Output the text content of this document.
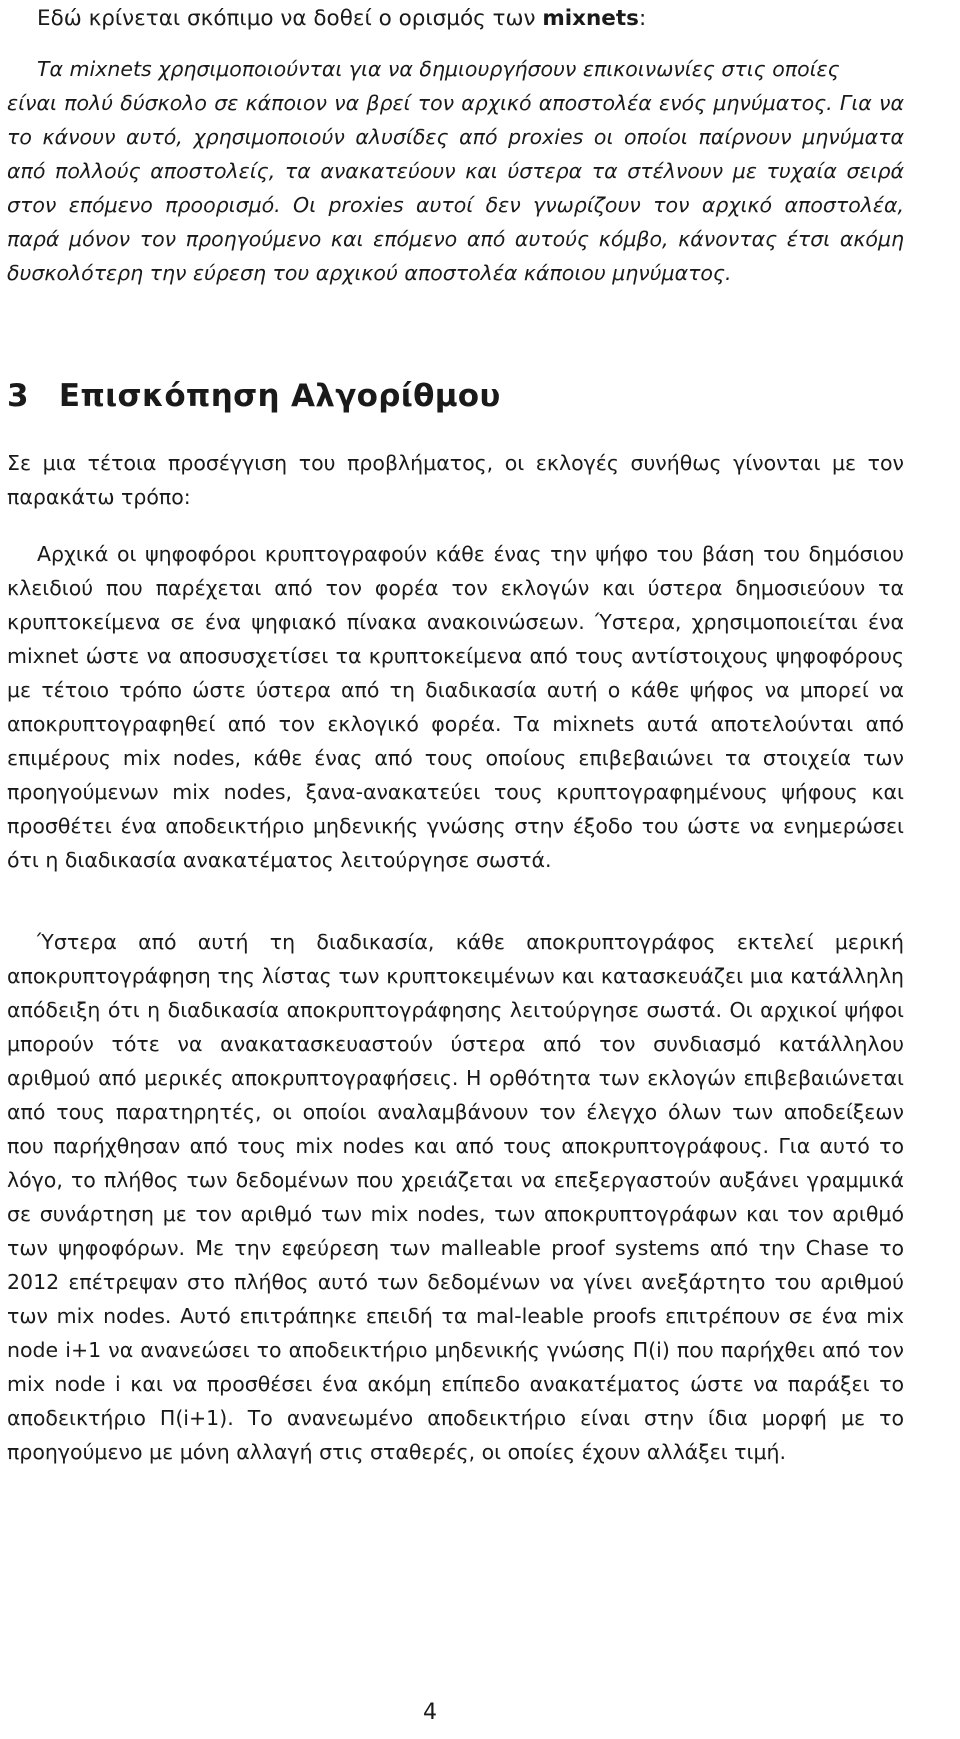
Εδώ κρίνεται σκόπιμο να δοθεί ο ορισμός των mixnets:

Τα mixnets χρησιμοποιούνται για να δημιουργήσουν επικοινωνίες στις οποίες
είναι πολύ δύσκολο σε κάποιον να βρεί τον αρχικό αποστολέα ενός μηνύματος. Για να το κάνουν αυτό, χρησιμοποιούν αλυσίδες από proxies οι οποίοι παίρνουν μηνύματα από πολλούς αποστολείς, τα ανακατεύουν και ύστερα τα στέλνουν με τυχαία σειρά στον επόμενο προορισμό. Οι proxies αυτοί δεν γνωρίζουν τον αρχικό αποστολέα, παρά μόνον τον προηγούμενο και επόμενο από αυτούς κόμβο, κάνοντας έτσι ακόμη δυσκολότερη την εύρεση του αρχικού αποστολέα κάποιου μηνύματος.

3 Επισκόπηση Αλγορίθμου

Σε μια τέτοια προσέγγιση του προβλήματος, οι εκλογές συνήθως γίνονται με τον παρακάτω τρόπο:

Αρχικά οι ψηφοφόροι κρυπτογραφούν κάθε ένας την ψήφο του βάση του δημόσιου κλειδιού που παρέχεται από τον φορέα τον εκλογών και ύστερα δημοσιεύουν τα κρυπτοκείμενα σε ένα ψηφιακό πίνακα ανακοινώσεων. Ύστερα, χρησιμοποιείται ένα mixnet ώστε να αποσυσχετίσει τα κρυπτοκείμενα από τους αντίστοιχους ψηφοφόρους με τέτοιο τρόπο ώστε ύστερα από τη διαδικασία αυτή ο κάθε ψήφος να μπορεί να αποκρυπτογραφηθεί από τον εκλογικό φορέα. Τα mixnets αυτά αποτελούνται από επιμέρους mix nodes, κάθε ένας από τους οποίους επιβεβαιώνει τα στοιχεία των προηγούμενων mix nodes, ξανα-ανακατεύει τους κρυπτογραφημένους ψήφους και προσθέτει ένα αποδεικτήριο μηδενικής γνώσης στην έξοδο του ώστε να ενημερώσει ότι η διαδικασία ανακατέματος λειτούργησε σωστά.

Ύστερα από αυτή τη διαδικασία, κάθε αποκρυπτογράφος εκτελεί μερική αποκρυπτογράφηση της λίστας των κρυπτοκειμένων και κατασκευάζει μια κατάλληλη απόδειξη ότι η διαδικασία αποκρυπτογράφησης λειτούργησε σωστά. Οι αρχικοί ψήφοι μπορούν τότε να ανακατασκευαστούν ύστερα από τον συνδιασμό κατάλληλου αριθμού από μερικές αποκρυπτογραφήσεις. Η ορθότητα των εκλογών επιβεβαιώνεται από τους παρατηρητές, οι οποίοι αναλαμβάνουν τον έλεγχο όλων των αποδείξεων που παρήχθησαν από τους mix nodes και από τους αποκρυπτογράφους. Για αυτό το λόγο, το πλήθος των δεδομένων που χρειάζεται να επεξεργαστούν αυξάνει γραμμικά σε συνάρτηση με τον αριθμό των mix nodes, των αποκρυπτογράφων και τον αριθμό των ψηφοφόρων. Με την εφεύρεση των malleable proof systems από την Chase το 2012 επέτρεψαν στο πλήθος αυτό των δεδομένων να γίνει ανεξάρτητο του αριθμού των mix nodes. Αυτό επιτράπηκε επειδή τα mal-leable proofs επιτρέπουν σε ένα mix node i+1 να ανανεώσει το αποδεικτήριο μηδενικής γνώσης Π(i) που παρήχθει από τον mix node i και να προσθέσει ένα ακόμη επίπεδο ανακατέματος ώστε να παράξει το αποδεικτήριο Π(i+1). Το ανανεωμένο αποδεικτήριο είναι στην ίδια μορφή με το προηγούμενο με μόνη αλλαγή στις σταθερές, οι οποίες έχουν αλλάξει τιμή.

4
